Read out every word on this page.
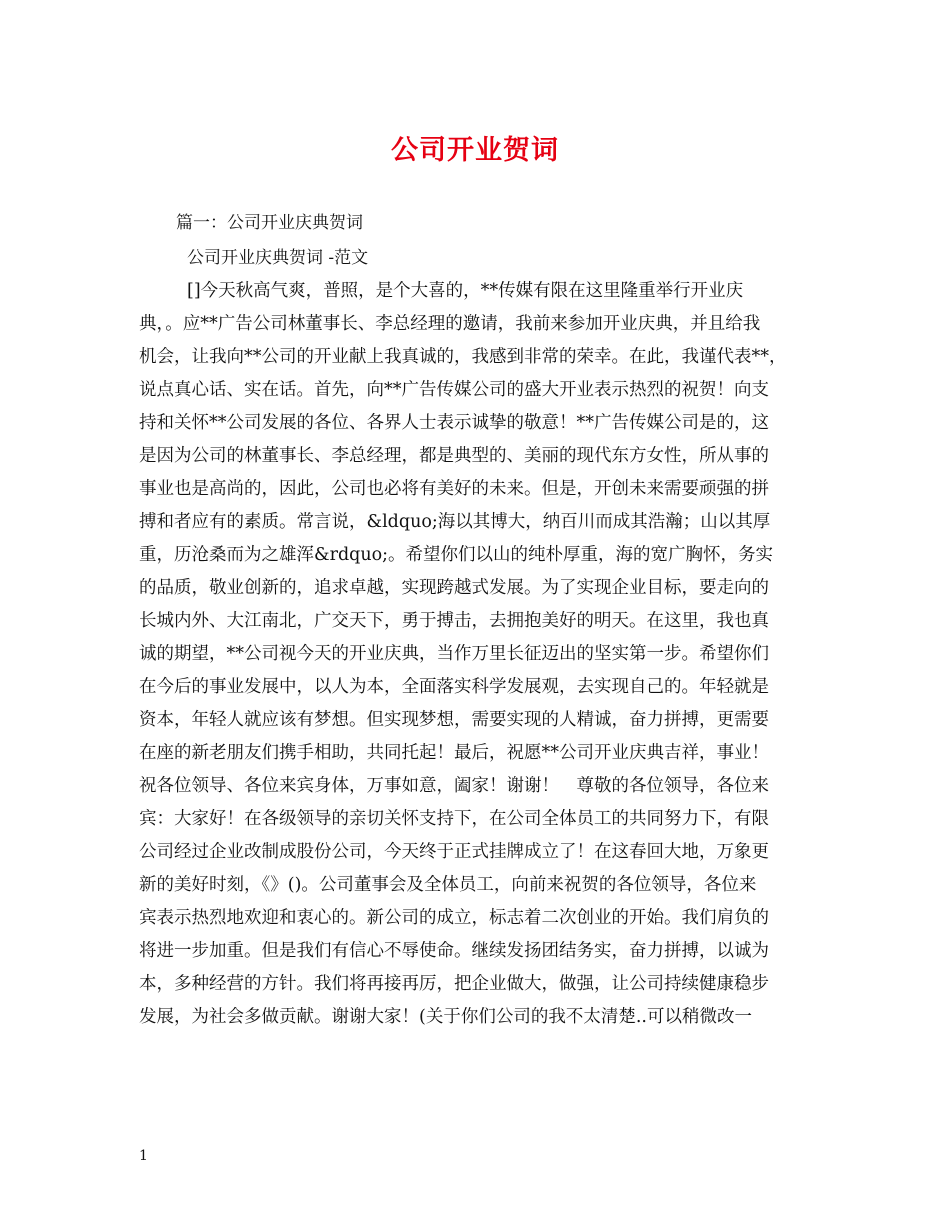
公司开业贺词
篇一：公司开业庆典贺词
公司开业庆典贺词 -范文
[]今天秋高气爽，普照，是个大喜的，**传媒有限在这里隆重举行开业庆
典，。应**广告公司林董事长、李总经理的邀请，我前来参加开业庆典，并且给我
机会，让我向**公司的开业献上我真诚的，我感到非常的荣幸。在此，我谨代表**，
说点真心话、实在话。首先，向**广告传媒公司的盛大开业表示热烈的祝贺！向支
持和关怀**公司发展的各位、各界人士表示诚挚的敬意！**广告传媒公司是的，这
是因为公司的林董事长、李总经理，都是典型的、美丽的现代东方女性，所从事的
事业也是高尚的，因此，公司也必将有美好的未来。但是，开创未来需要顽强的拼
搏和者应有的素质。常言说，&ldquo;海以其博大，纳百川而成其浩瀚；山以其厚
重，历沧桑而为之雄浑&rdquo;。希望你们以山的纯朴厚重，海的宽广胸怀，务实
的品质，敬业创新的，追求卓越，实现跨越式发展。为了实现企业目标，要走向的
长城内外、大江南北，广交天下，勇于搏击，去拥抱美好的明天。在这里，我也真
诚的期望，**公司视今天的开业庆典，当作万里长征迈出的坚实第一步。希望你们
在今后的事业发展中，以人为本，全面落实科学发展观，去实现自己的。年轻就是
资本，年轻人就应该有梦想。但实现梦想，需要实现的人精诚，奋力拼搏，更需要
在座的新老朋友们携手相助，共同托起！最后，祝愿**公司开业庆典吉祥，事业！
祝各位领导、各位来宾身体，万事如意，阖家！谢谢！　尊敬的各位领导，各位来
宾：大家好！在各级领导的亲切关怀支持下，在公司全体员工的共同努力下，有限
公司经过企业改制成股份公司，今天终于正式挂牌成立了！在这春回大地，万象更
新的美好时刻，《》()。公司董事会及全体员工，向前来祝贺的各位领导，各位来
宾表示热烈地欢迎和衷心的。新公司的成立，标志着二次创业的开始。我们肩负的
将进一步加重。但是我们有信心不辱使命。继续发扬团结务实，奋力拼搏，以诚为
本，多种经营的方针。我们将再接再厉，把企业做大，做强，让公司持续健康稳步
发展，为社会多做贡献。谢谢大家！(关于你们公司的我不太清楚..可以稍微改一
1
